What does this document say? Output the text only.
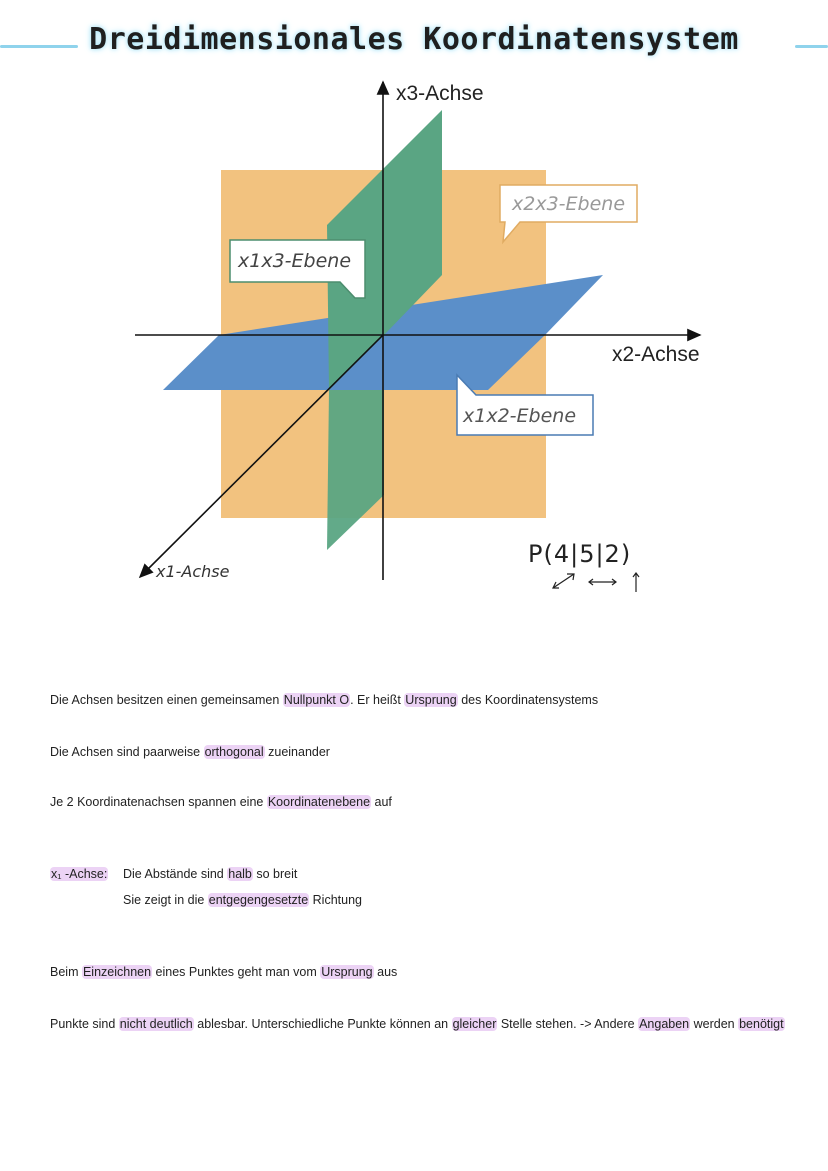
Dreidimensionales Koordinatensystem
x3-Achse
x2-Achse
x1-Achse
x2x3-Ebene
x1x3-Ebene
x1x2-Ebene
P(4|5|2)
Die Achsen besitzen einen gemeinsamen Nullpunkt O. Er heißt Ursprung des Koordinatensystems
Die Achsen sind paarweise orthogonal zueinander
Je 2 Koordinatenachsen spannen eine Koordinatenebene auf
x₁ -Achse: Die Abstände sind halb so breit
Sie zeigt in die entgegengesetzte Richtung
Beim Einzeichnen eines Punktes geht man vom Ursprung aus
Punkte sind nicht deutlich ablesbar. Unterschiedliche Punkte können an gleicher Stelle stehen. -> Andere Angaben werden benötigt
